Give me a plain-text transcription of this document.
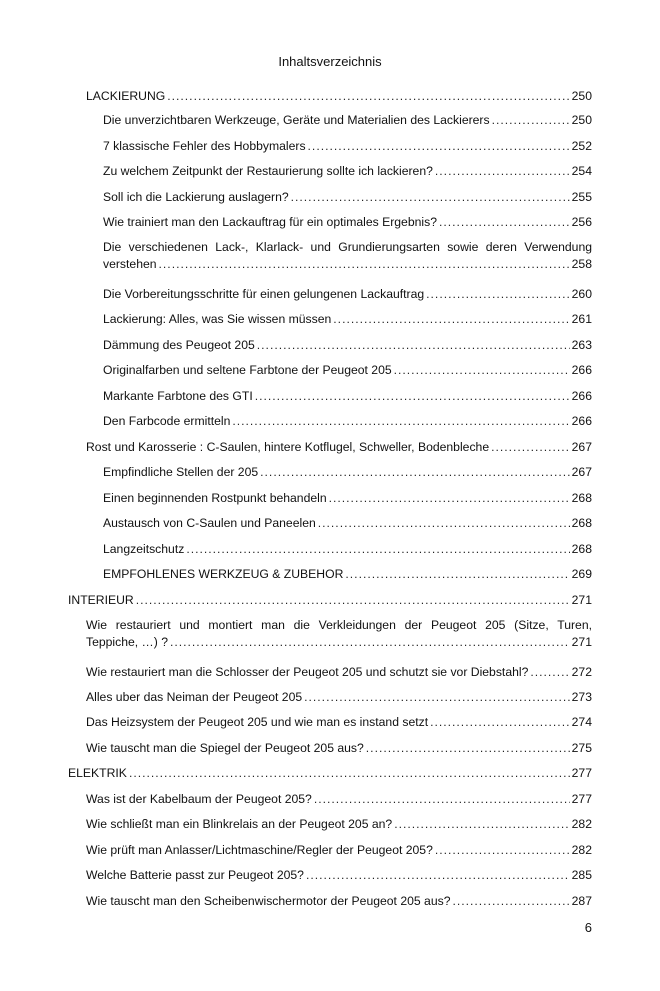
Inhaltsverzeichnis
LACKIERUNG .....	250
Die unverzichtbaren Werkzeuge, Geräte und Materialien des Lackierers .....	250
7 klassische Fehler des Hobbymalers .....	252
Zu welchem Zeitpunkt der Restaurierung sollte ich lackieren? .....	254
Soll ich die Lackierung auslagern? .....	255
Wie trainiert man den Lackauftrag für ein optimales Ergebnis? .....	256
Die verschiedenen Lack-, Klarlack- und Grundierungsarten sowie deren Verwendung
verstehen .....	258
Die Vorbereitungsschritte für einen gelungenen Lackauftrag .....	260
Lackierung: Alles, was Sie wissen müssen .....	261
Dämmung des Peugeot 205 .....	263
Originalfarben und seltene Farbtone der Peugeot 205 .....	266
Markante Farbtone des GTI .....	266
Den Farbcode ermitteln .....	266
Rost und Karosserie : C-Saulen, hintere Kotflugel, Schweller, Bodenbleche .....	267
Empfindliche Stellen der 205 .....	267
Einen beginnenden Rostpunkt behandeln .....	268
Austausch von C-Saulen und Paneelen .....	268
Langzeitschutz .....	268
EMPFOHLENES WERKZEUG & ZUBEHOR .....	269
INTERIEUR .....	271
Wie restauriert und montiert man die Verkleidungen der Peugeot 205 (Sitze, Turen,
Teppiche, …) ? .....	271
Wie restauriert man die Schlosser der Peugeot 205 und schutzt sie vor Diebstahl? .....	272
Alles uber das Neiman der Peugeot 205 .....	273
Das Heizsystem der Peugeot 205 und wie man es instand setzt .....	274
Wie tauscht man die Spiegel der Peugeot 205 aus? .....	275
ELEKTRIK .....	277
Was ist der Kabelbaum der Peugeot 205? .....	277
Wie schließt man ein Blinkrelais an der Peugeot 205 an? .....	282
Wie prüft man Anlasser/Lichtmaschine/Regler der Peugeot 205? .....	282
Welche Batterie passt zur Peugeot 205? .....	285
Wie tauscht man den Scheibenwischermotor der Peugeot 205 aus? .....	287
6
